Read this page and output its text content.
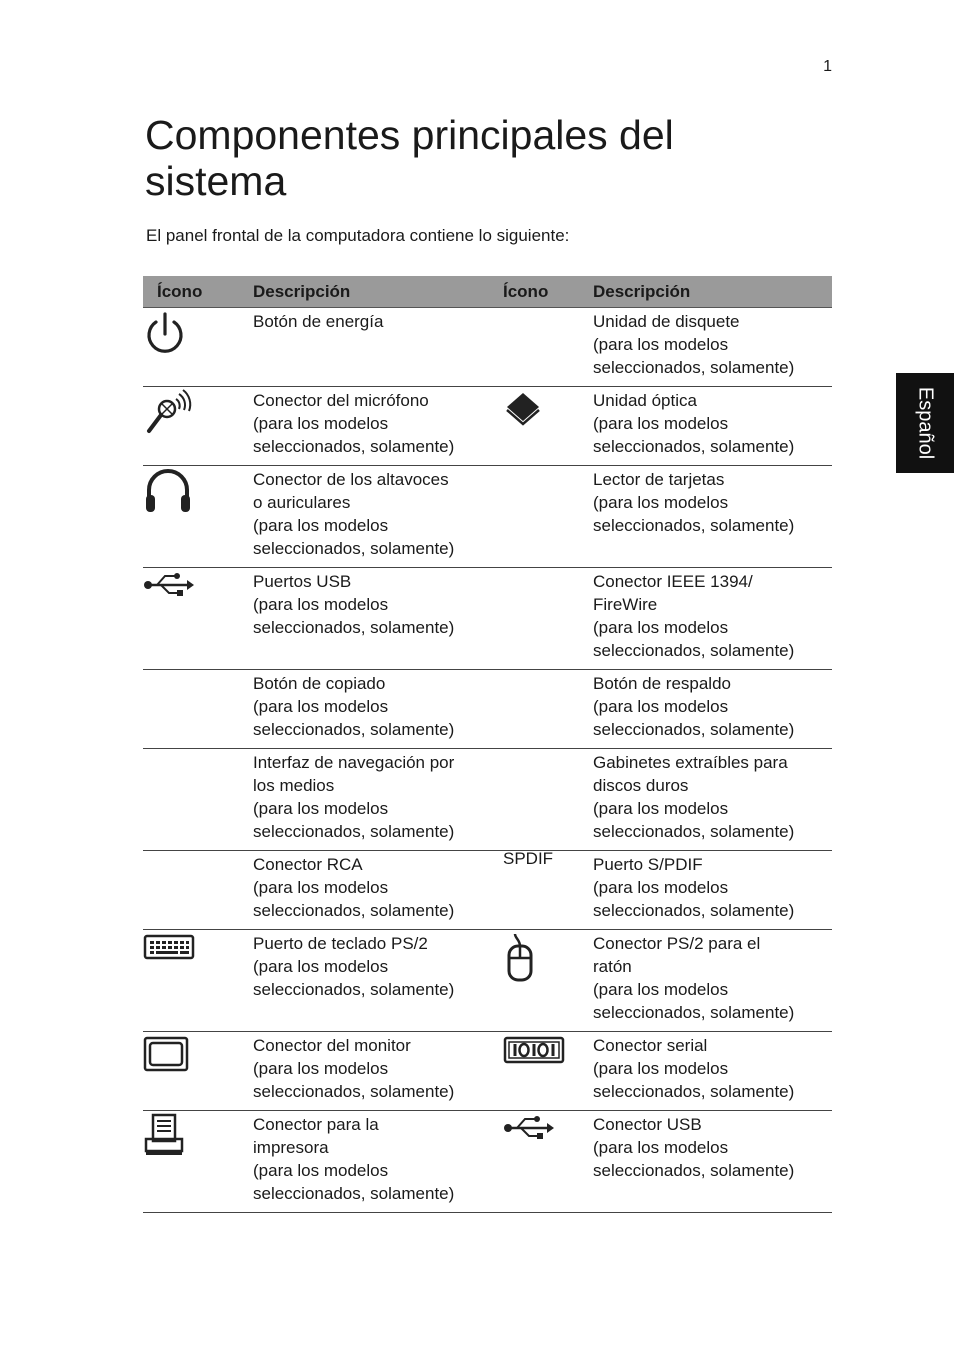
1
Componentes principales del sistema

El panel frontal de la computadora contiene lo siguiente:

Español
Ícono	Descripción	Ícono	Descripción

	Botón de energía		Unidad de disquete
(para los modelos
seleccionados, solamente)

	Conector del micrófono
(para los modelos
seleccionados, solamente)		Unidad óptica
(para los modelos
seleccionados, solamente)

	Conector de los altavoces
o auriculares
(para los modelos
seleccionados, solamente)		Lector de tarjetas
(para los modelos
seleccionados, solamente)

	Puertos USB
(para los modelos
seleccionados, solamente)		Conector IEEE 1394/
FireWire
(para los modelos
seleccionados, solamente)
	Botón de copiado
(para los modelos
seleccionados, solamente)		Botón de respaldo
(para los modelos
seleccionados, solamente)
	Interfaz de navegación por
los medios
(para los modelos
seleccionados, solamente)		Gabinetes extraíbles para
discos duros
(para los modelos
seleccionados, solamente)
	Conector RCA
(para los modelos
seleccionados, solamente)	SPDIF	Puerto S/PDIF
(para los modelos
seleccionados, solamente)

	Puerto de teclado PS/2
(para los modelos
seleccionados, solamente)		Conector PS/2 para el
ratón
(para los modelos
seleccionados, solamente)

	Conector del monitor
(para los modelos
seleccionados, solamente)		Conector serial
(para los modelos
seleccionados, solamente)

	Conector para la
impresora
(para los modelos
seleccionados, solamente)		Conector USB
(para los modelos
seleccionados, solamente)
